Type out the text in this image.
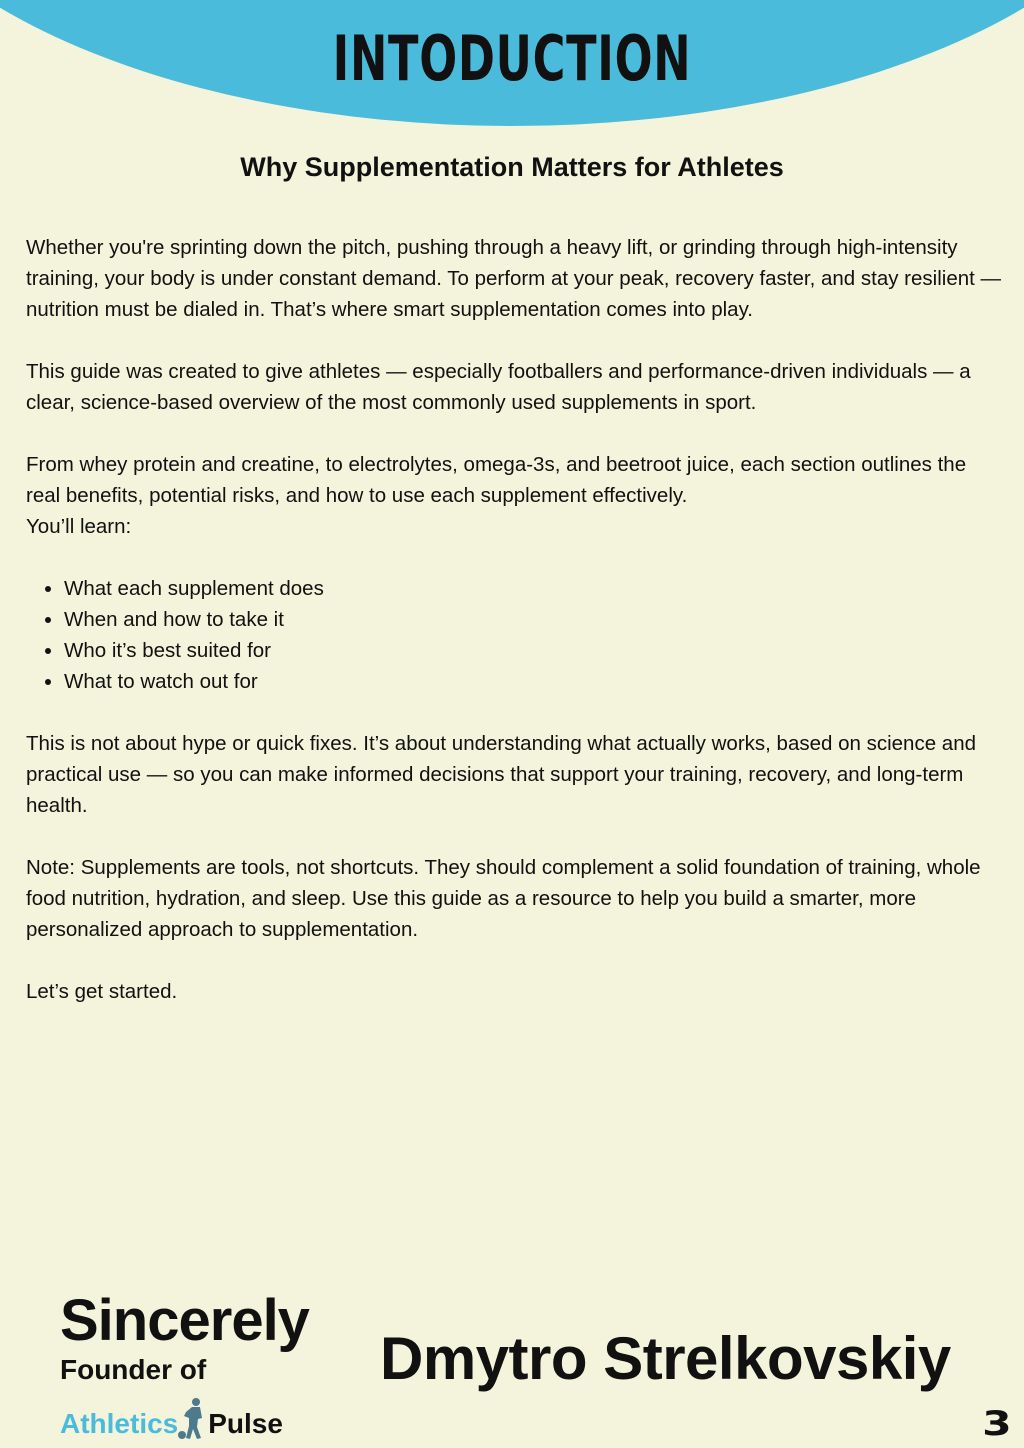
INTODUCTION
Why Supplementation Matters for Athletes

Whether you're sprinting down the pitch, pushing through a heavy lift, or grinding through high-intensity training, your body is under constant demand. To perform at your peak, recovery faster, and stay resilient — nutrition must be dialed in. That’s where smart supplementation comes into play.

This guide was created to give athletes — especially footballers and performance-driven individuals — a clear, science-based overview of the most commonly used supplements in sport.

From whey protein and creatine, to electrolytes, omega-3s, and beetroot juice, each section outlines the real benefits, potential risks, and how to use each supplement effectively.

You’ll learn:

• What each supplement does
• When and how to take it
• Who it’s best suited for
• What to watch out for

This is not about hype or quick fixes. It’s about understanding what actually works, based on science and practical use — so you can make informed decisions that support your training, recovery, and long-term health.

Note: Supplements are tools, not shortcuts. They should complement a solid foundation of training, whole food nutrition, hydration, and sleep. Use this guide as a resource to help you build a smarter, more personalized approach to supplementation.

Let’s get started.

Sincerely

Founder of
Athletics Pulse
Dmytro Strelkovskiy
3
